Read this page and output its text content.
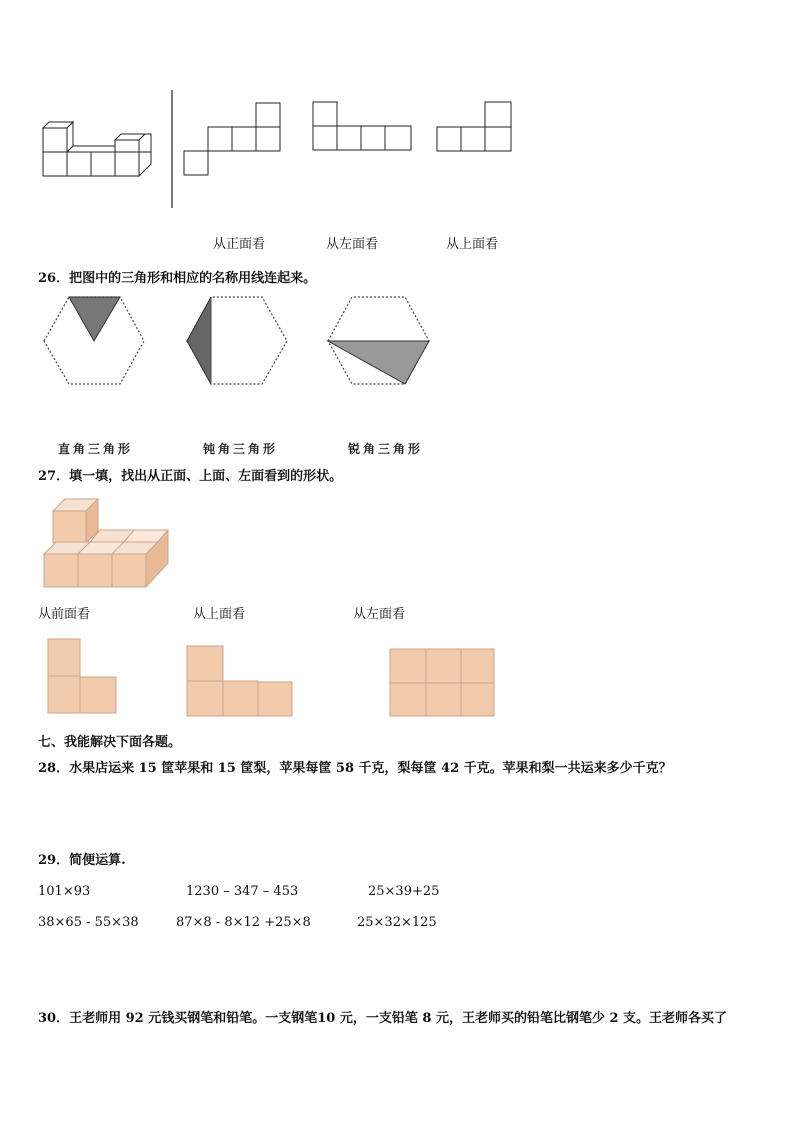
从正面看	从左面看	从上面看
26．把图中的三角形和相应的名称用线连起来。
直角三角形	钝角三角形	锐角三角形
27．填一填，找出从正面、上面、左面看到的形状。
从前面看	从上面看	从左面看
七、我能解决下面各题。
28．水果店运来 15 筐苹果和 15 筐梨，苹果每筐 58 千克，梨每筐 42 千克。苹果和梨一共运来多少千克？
29．简便运算.
101×93	1230 – 347 – 453	25×39+25
38×65 - 55×38	87×8 - 8×12 +25×8	25×32×125
30．王老师用 92 元钱买钢笔和铅笔。一支钢笔10 元，一支铅笔 8 元，王老师买的铅笔比钢笔少 2 支。王老师各买了
